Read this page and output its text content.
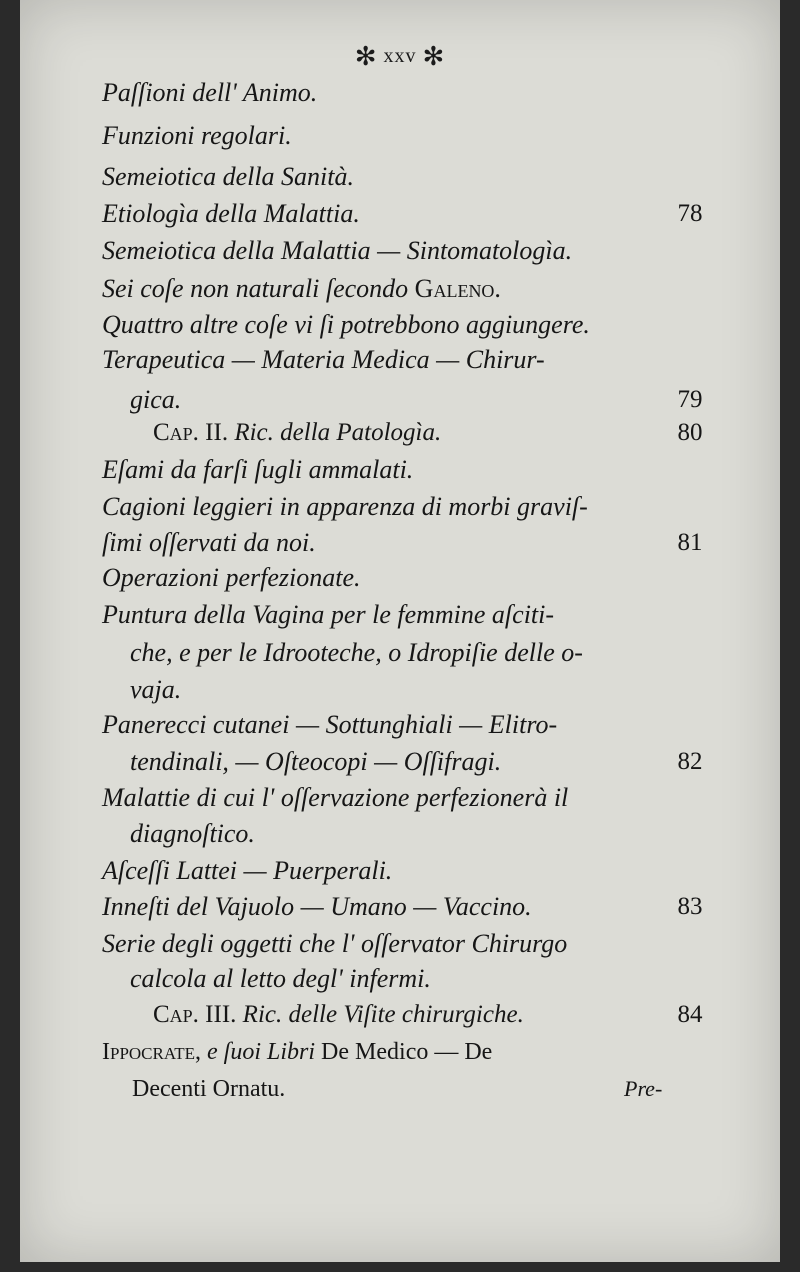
✻ xxv ✻
Paſſioni dell' Animo.
Funzioni regolari.
Semeiotica della Sanità.
Etiologìa della Malattia.	78
Semeiotica della Malattia — Sintomatologìa.
Sei coſe non naturali ſecondo Galeno.
Quattro altre coſe vi ſi potrebbono aggiungere.
Terapeutica — Materia Medica — Chirur-
gica.	79
Cap. II. Ric. della Patologìa.	80
Eſami da farſi ſugli ammalati.
Cagioni leggieri in apparenza di morbi graviſ-
ſimi oſſervati da noi.	81
Operazioni perfezionate.
Puntura della Vagina per le femmine aſciti-
che, e per le Idrooteche, o Idropiſie delle o-
vaja.
Panerecci cutanei — Sottunghiali — Elitro-
tendinali, — Oſteocopi — Oſſifragi.	82
Malattie di cui l' oſſervazione perfezionerà il
diagnoſtico.
Aſceſſi Lattei — Puerperali.
Inneſti del Vajuolo — Umano — Vaccino.	83
Serie degli oggetti che l' oſſervator Chirurgo
calcola al letto degl' infermi.
Cap. III. Ric. delle Viſite chirurgiche.	84
Ippocrate, e ſuoi Libri De Medico — De
Decenti Ornatu.	Pre-
